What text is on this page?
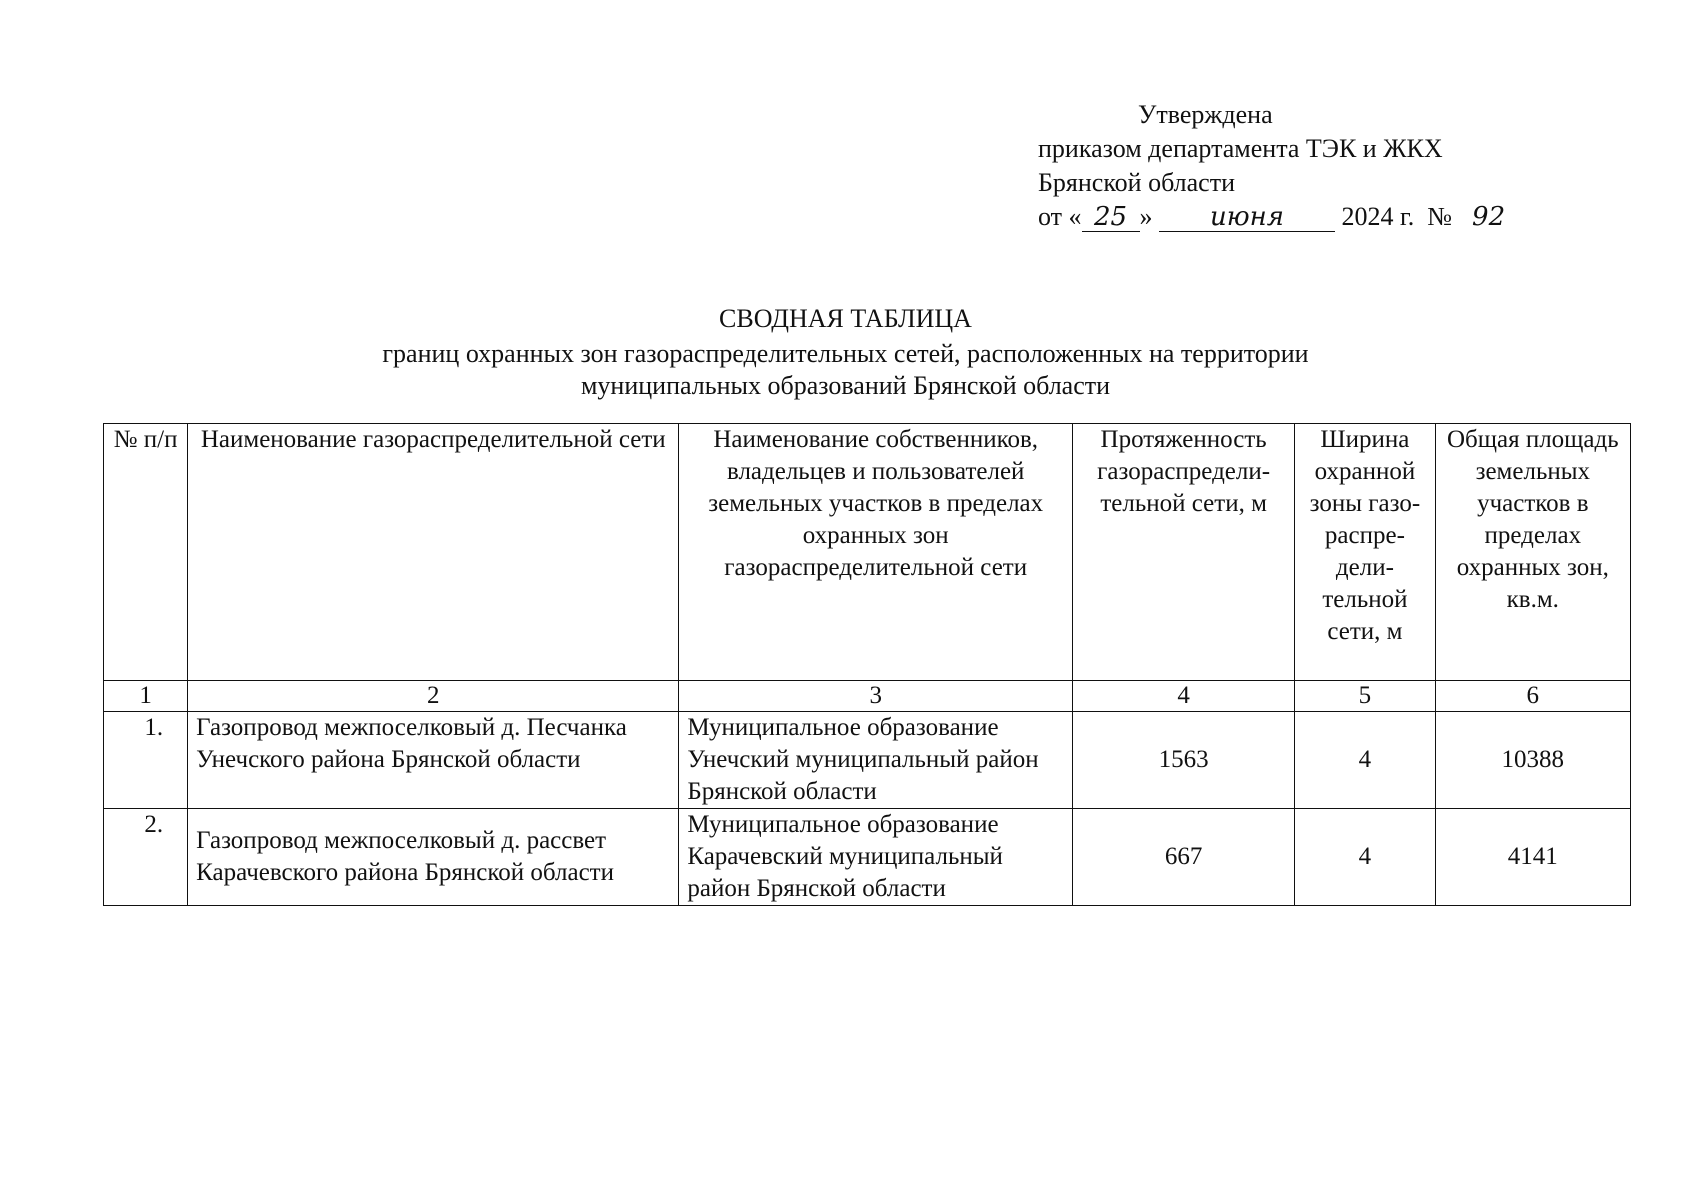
Утверждена
приказом департамента ТЭК и ЖКХ
Брянской области
от « 25 » июня 2024 г. № 92
СВОДНАЯ ТАБЛИЦА
границ охранных зон газораспределительных сетей, расположенных на территории
муниципальных образований Брянской области
№ п/п	Наименование газораспределительной сети	Наименование собственников, владельцев и пользователей земельных участков в пределах охранных зон газораспределительной сети	Протяженность газораспредели-тельной сети, м	Ширина охранной зоны газо-распре-дели-тельной сети, м	Общая площадь земельных участков в пределах охранных зон, кв.м.
1	2	3	4	5	6
1.	Газопровод межпоселковый д. Песчанка Унечского района Брянской области	Муниципальное образование Унечский муниципальный район Брянской области	1563	4	10388
2.	Газопровод межпоселковый д. рассвет Карачевского района Брянской области	Муниципальное образование Карачевский муниципальный район Брянской области	667	4	4141
